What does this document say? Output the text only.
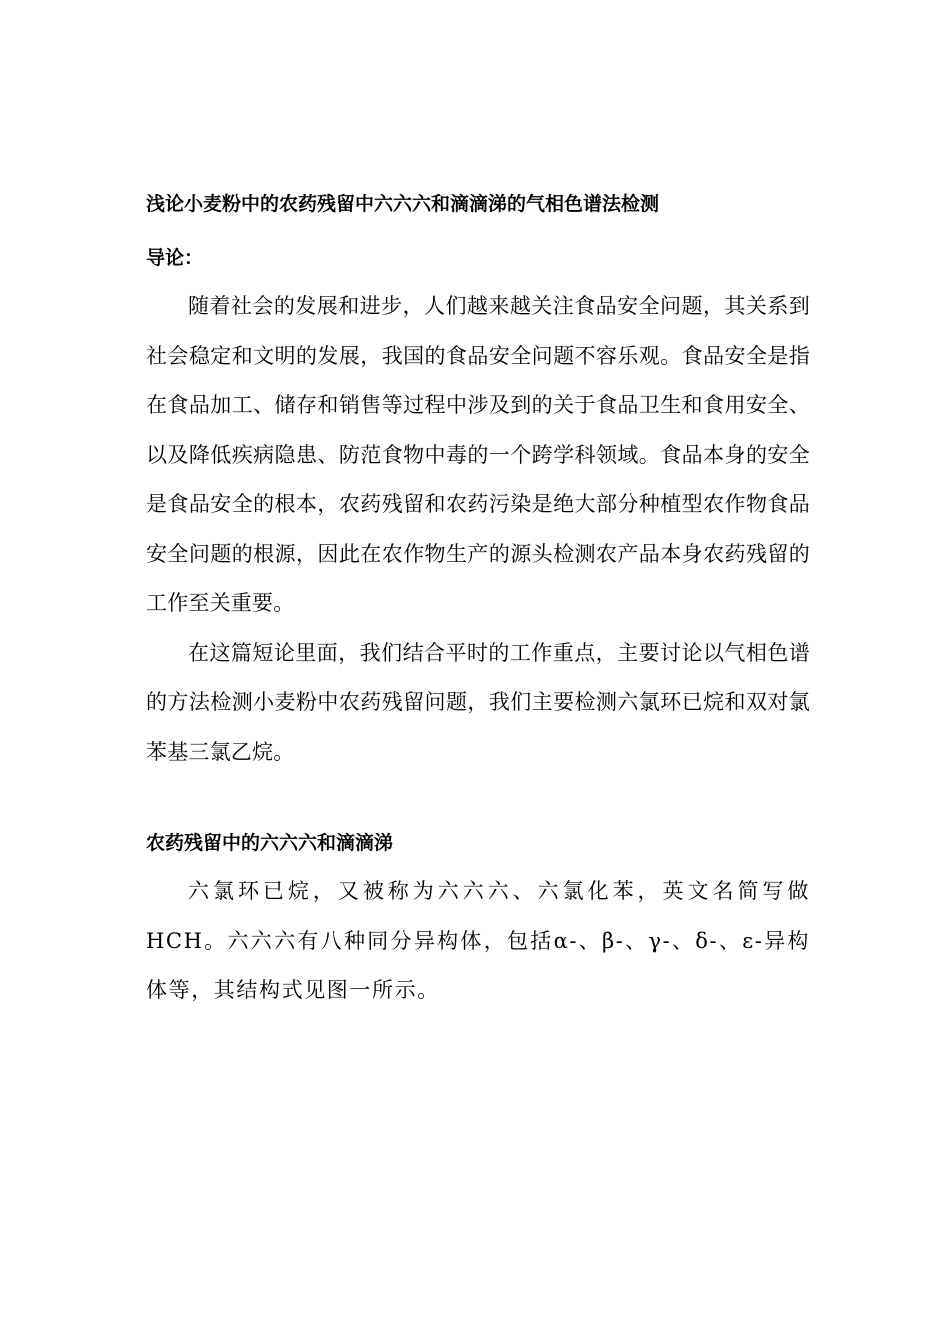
浅论小麦粉中的农药残留中六六六和滴滴涕的气相色谱法检测
导论：

随着社会的发展和进步，人们越来越关注食品安全问题，其关系到社会稳定和文明的发展，我国的食品安全问题不容乐观。食品安全是指在食品加工、储存和销售等过程中涉及到的关于食品卫生和食用安全、以及降低疾病隐患、防范食物中毒的一个跨学科领域。食品本身的安全是食品安全的根本，农药残留和农药污染是绝大部分种植型农作物食品安全问题的根源，因此在农作物生产的源头检测农产品本身农药残留的工作至关重要。

在这篇短论里面，我们结合平时的工作重点，主要讨论以气相色谱的方法检测小麦粉中农药残留问题，我们主要检测六氯环已烷和双对氯苯基三氯乙烷。

农药残留中的六六六和滴滴涕

六氯环已烷，又被称为六六六、六氯化苯，英文名简写做HCH。六六六有八种同分异构体，包括α-、β-、γ-、δ-、ε-异构体等，其结构式见图一所示。
